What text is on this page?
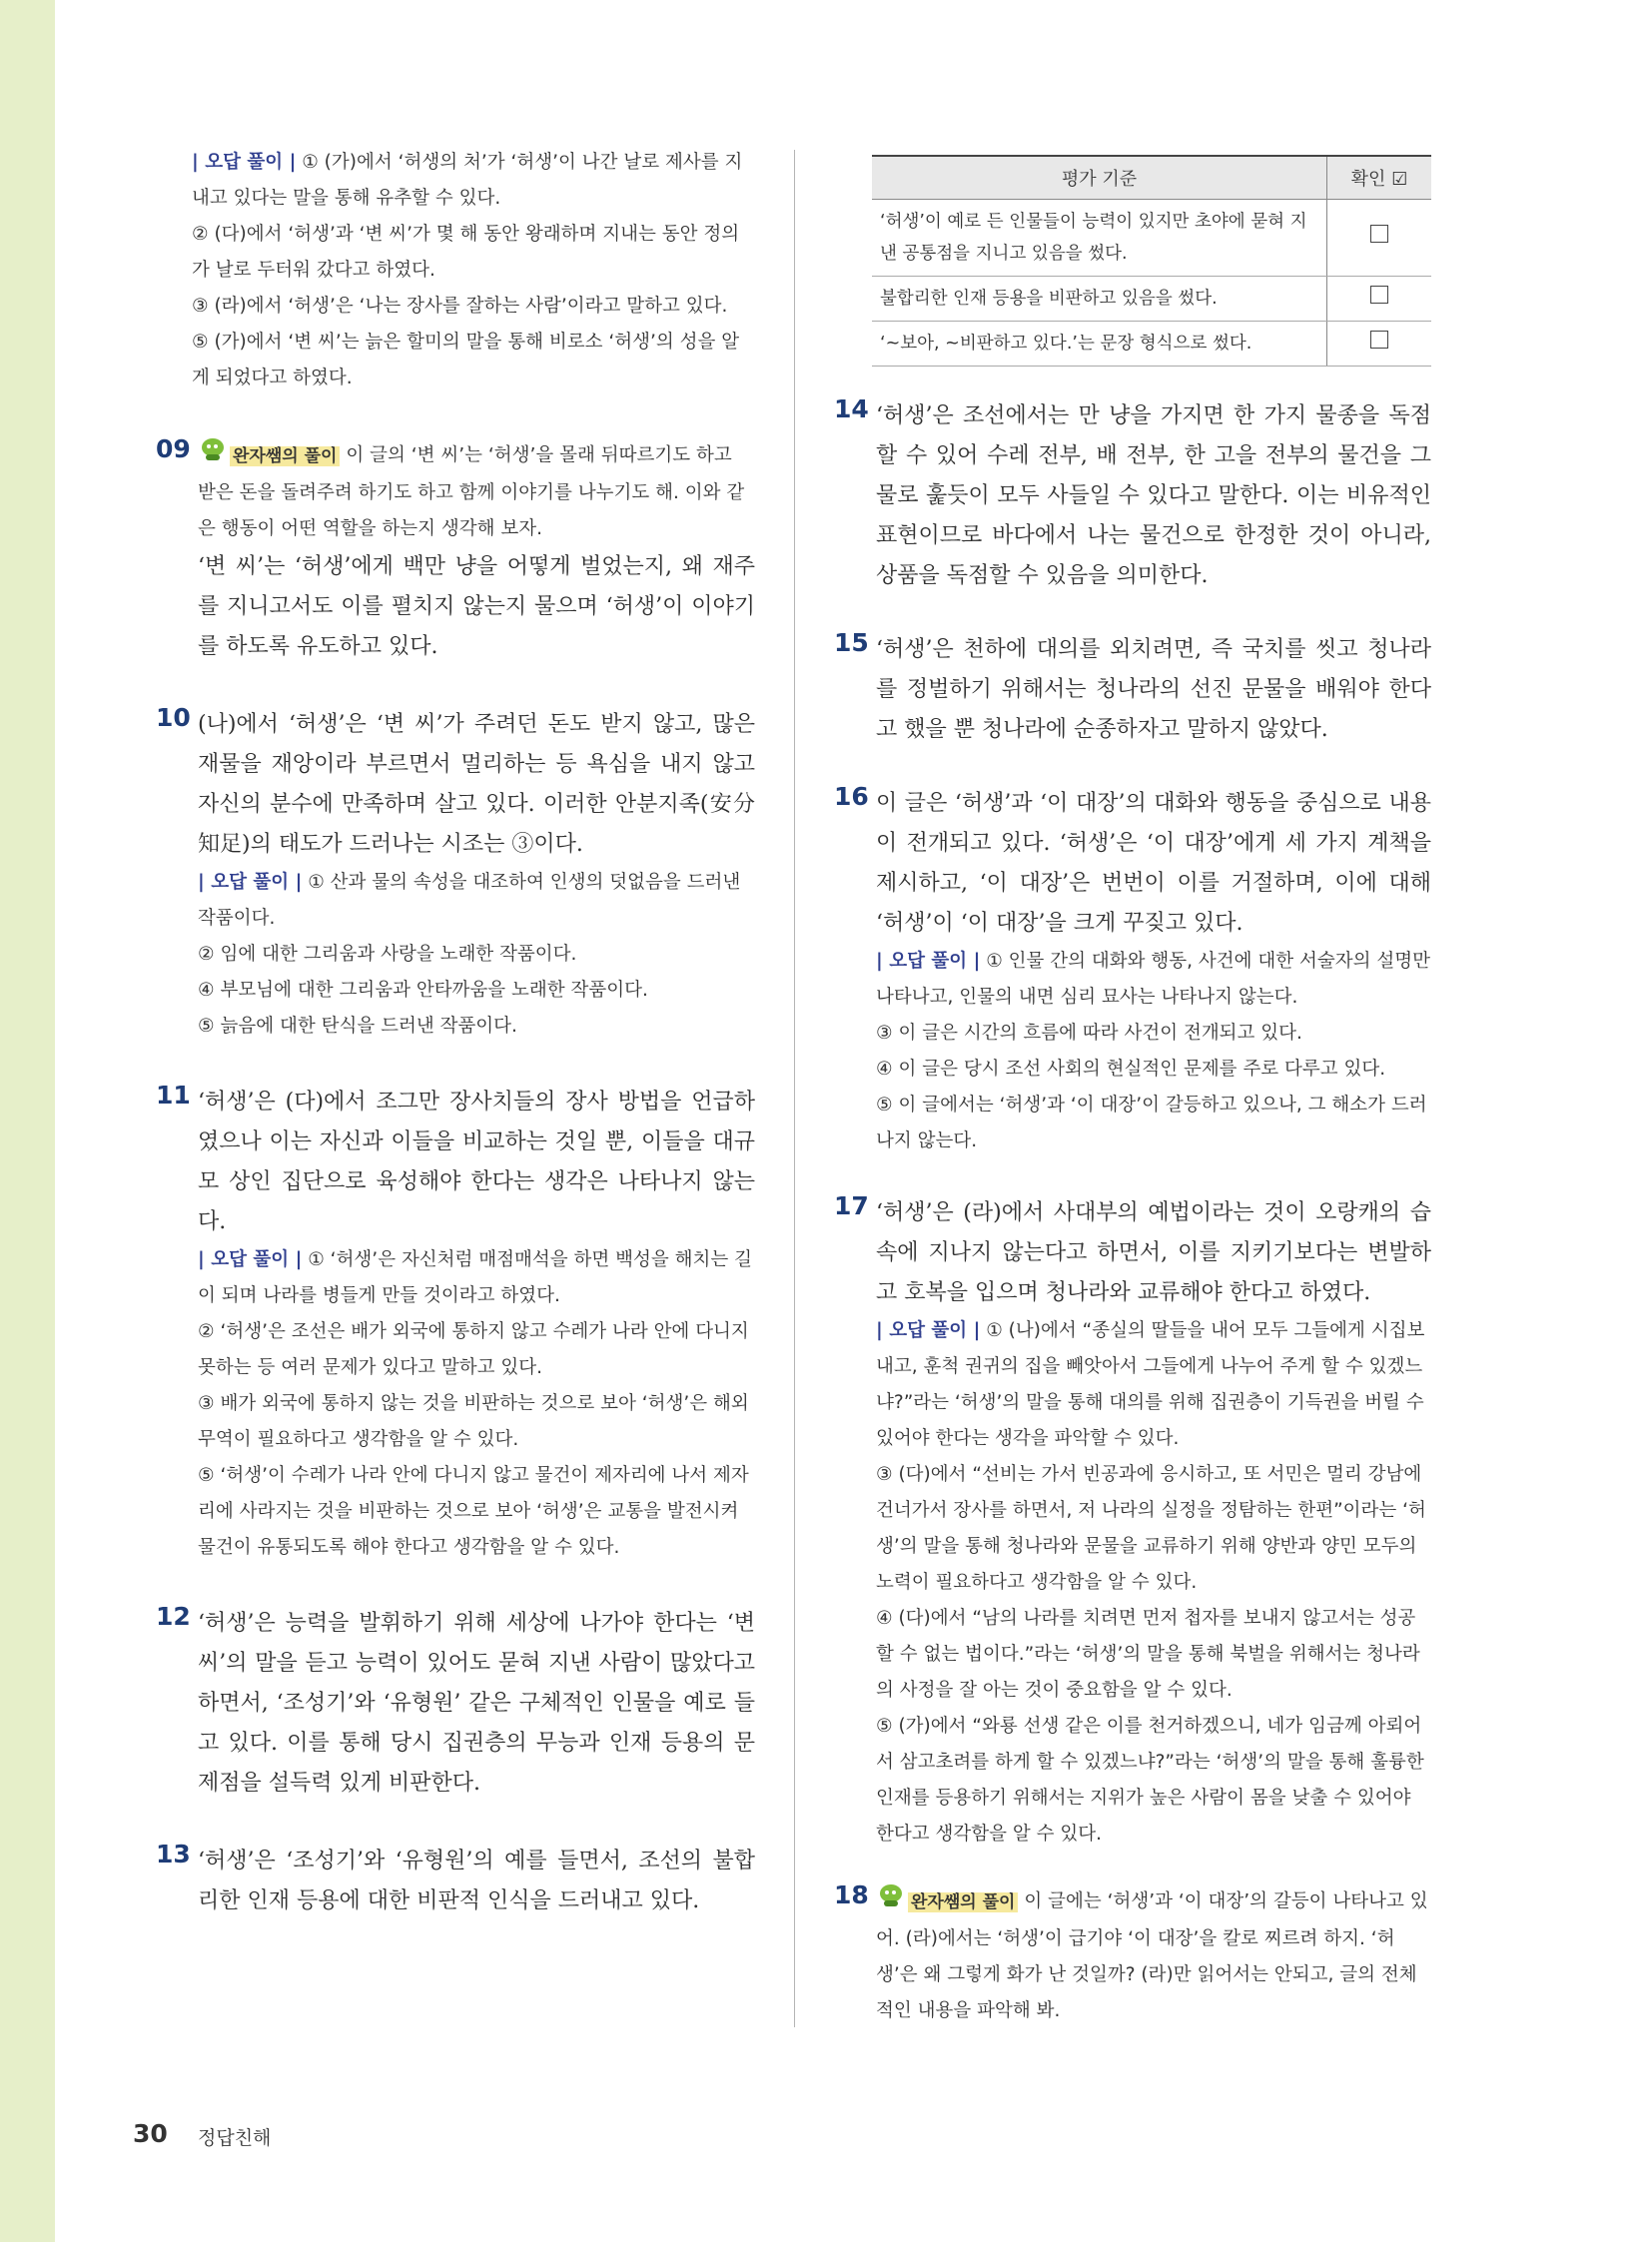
| 오답 풀이 | ① (가)에서 ‘허생의 처’가 ‘허생’이 나간 날로 제사를 지내고 있다는 말을 통해 유추할 수 있다.
② (다)에서 ‘허생’과 ‘변 씨’가 몇 해 동안 왕래하며 지내는 동안 정의가 날로 두터워 갔다고 하였다.
③ (라)에서 ‘허생’은 ‘나는 장사를 잘하는 사람’이라고 말하고 있다.
⑤ (가)에서 ‘변 씨’는 늙은 할미의 말을 통해 비로소 ‘허생’의 성을 알게 되었다고 하였다.
09	완자쌤의 풀이 이 글의 ‘변 씨’는 ‘허생’을 몰래 뒤따르기도 하고 받은 돈을 돌려주려 하기도 하고 함께 이야기를 나누기도 해. 이와 같은 행동이 어떤 역할을 하는지 생각해 보자.
‘변 씨’는 ‘허생’에게 백만 냥을 어떻게 벌었는지, 왜 재주를 지니고서도 이를 펼치지 않는지 물으며 ‘허생’이 이야기를 하도록 유도하고 있다.
10 (나)에서 ‘허생’은 ‘변 씨’가 주려던 돈도 받지 않고, 많은 재물을 재앙이라 부르면서 멀리하는 등 욕심을 내지 않고 자신의 분수에 만족하며 살고 있다. 이러한 안분지족(安分知足)의 태도가 드러나는 시조는 ③이다.
| 오답 풀이 | ① 산과 물의 속성을 대조하여 인생의 덧없음을 드러낸 작품이다.
② 임에 대한 그리움과 사랑을 노래한 작품이다.
④ 부모님에 대한 그리움과 안타까움을 노래한 작품이다.
⑤ 늙음에 대한 탄식을 드러낸 작품이다.
11 ‘허생’은 (다)에서 조그만 장사치들의 장사 방법을 언급하였으나 이는 자신과 이들을 비교하는 것일 뿐, 이들을 대규모 상인 집단으로 육성해야 한다는 생각은 나타나지 않는다.
| 오답 풀이 | ① ‘허생’은 자신처럼 매점매석을 하면 백성을 해치는 길이 되며 나라를 병들게 만들 것이라고 하였다.
② ‘허생’은 조선은 배가 외국에 통하지 않고 수레가 나라 안에 다니지 못하는 등 여러 문제가 있다고 말하고 있다.
③ 배가 외국에 통하지 않는 것을 비판하는 것으로 보아 ‘허생’은 해외 무역이 필요하다고 생각함을 알 수 있다.
⑤ ‘허생’이 수레가 나라 안에 다니지 않고 물건이 제자리에 나서 제자리에 사라지는 것을 비판하는 것으로 보아 ‘허생’은 교통을 발전시켜 물건이 유통되도록 해야 한다고 생각함을 알 수 있다.
12 ‘허생’은 능력을 발휘하기 위해 세상에 나가야 한다는 ‘변 씨’의 말을 듣고 능력이 있어도 묻혀 지낸 사람이 많았다고 하면서, ‘조성기’와 ‘유형원’ 같은 구체적인 인물을 예로 들고 있다. 이를 통해 당시 집권층의 무능과 인재 등용의 문제점을 설득력 있게 비판한다.
13 ‘허생’은 ‘조성기’와 ‘유형원’의 예를 들면서, 조선의 불합리한 인재 등용에 대한 비판적 인식을 드러내고 있다.
평가 기준	확인 ☑
‘허생’이 예로 든 인물들이 능력이 있지만 초야에 묻혀 지낸 공통점을 지니고 있음을 썼다.	
불합리한 인재 등용을 비판하고 있음을 썼다.	
‘~보아, ~비판하고 있다.’는 문장 형식으로 썼다.	
14 ‘허생’은 조선에서는 만 냥을 가지면 한 가지 물종을 독점할 수 있어 수레 전부, 배 전부, 한 고을 전부의 물건을 그물로 훑듯이 모두 사들일 수 있다고 말한다. 이는 비유적인 표현이므로 바다에서 나는 물건으로 한정한 것이 아니라, 상품을 독점할 수 있음을 의미한다.
15 ‘허생’은 천하에 대의를 외치려면, 즉 국치를 씻고 청나라를 정벌하기 위해서는 청나라의 선진 문물을 배워야 한다고 했을 뿐 청나라에 순종하자고 말하지 않았다.
16 이 글은 ‘허생’과 ‘이 대장’의 대화와 행동을 중심으로 내용이 전개되고 있다. ‘허생’은 ‘이 대장’에게 세 가지 계책을 제시하고, ‘이 대장’은 번번이 이를 거절하며, 이에 대해 ‘허생’이 ‘이 대장’을 크게 꾸짖고 있다.
| 오답 풀이 | ① 인물 간의 대화와 행동, 사건에 대한 서술자의 설명만 나타나고, 인물의 내면 심리 묘사는 나타나지 않는다.
③ 이 글은 시간의 흐름에 따라 사건이 전개되고 있다.
④ 이 글은 당시 조선 사회의 현실적인 문제를 주로 다루고 있다.
⑤ 이 글에서는 ‘허생’과 ‘이 대장’이 갈등하고 있으나, 그 해소가 드러나지 않는다.
17 ‘허생’은 (라)에서 사대부의 예법이라는 것이 오랑캐의 습속에 지나지 않는다고 하면서, 이를 지키기보다는 변발하고 호복을 입으며 청나라와 교류해야 한다고 하였다.
| 오답 풀이 | ① (나)에서 “종실의 딸들을 내어 모두 그들에게 시집보내고, 훈척 권귀의 집을 빼앗아서 그들에게 나누어 주게 할 수 있겠느냐?”라는 ‘허생’의 말을 통해 대의를 위해 집권층이 기득권을 버릴 수 있어야 한다는 생각을 파악할 수 있다.
③ (다)에서 “선비는 가서 빈공과에 응시하고, 또 서민은 멀리 강남에 건너가서 장사를 하면서, 저 나라의 실정을 정탐하는 한편”이라는 ‘허생’의 말을 통해 청나라와 문물을 교류하기 위해 양반과 양민 모두의 노력이 필요하다고 생각함을 알 수 있다.
④ (다)에서 “남의 나라를 치려면 먼저 첩자를 보내지 않고서는 성공할 수 없는 법이다.”라는 ‘허생’의 말을 통해 북벌을 위해서는 청나라의 사정을 잘 아는 것이 중요함을 알 수 있다.
⑤ (가)에서 “와룡 선생 같은 이를 천거하겠으니, 네가 임금께 아뢰어서 삼고초려를 하게 할 수 있겠느냐?”라는 ‘허생’의 말을 통해 훌륭한 인재를 등용하기 위해서는 지위가 높은 사람이 몸을 낮출 수 있어야 한다고 생각함을 알 수 있다.
18	완자쌤의 풀이 이 글에는 ‘허생’과 ‘이 대장’의 갈등이 나타나고 있어. (라)에서는 ‘허생’이 급기야 ‘이 대장’을 칼로 찌르려 하지. ‘허생’은 왜 그렇게 화가 난 것일까? (라)만 읽어서는 안되고, 글의 전체적인 내용을 파악해 봐.
30 정답친해
